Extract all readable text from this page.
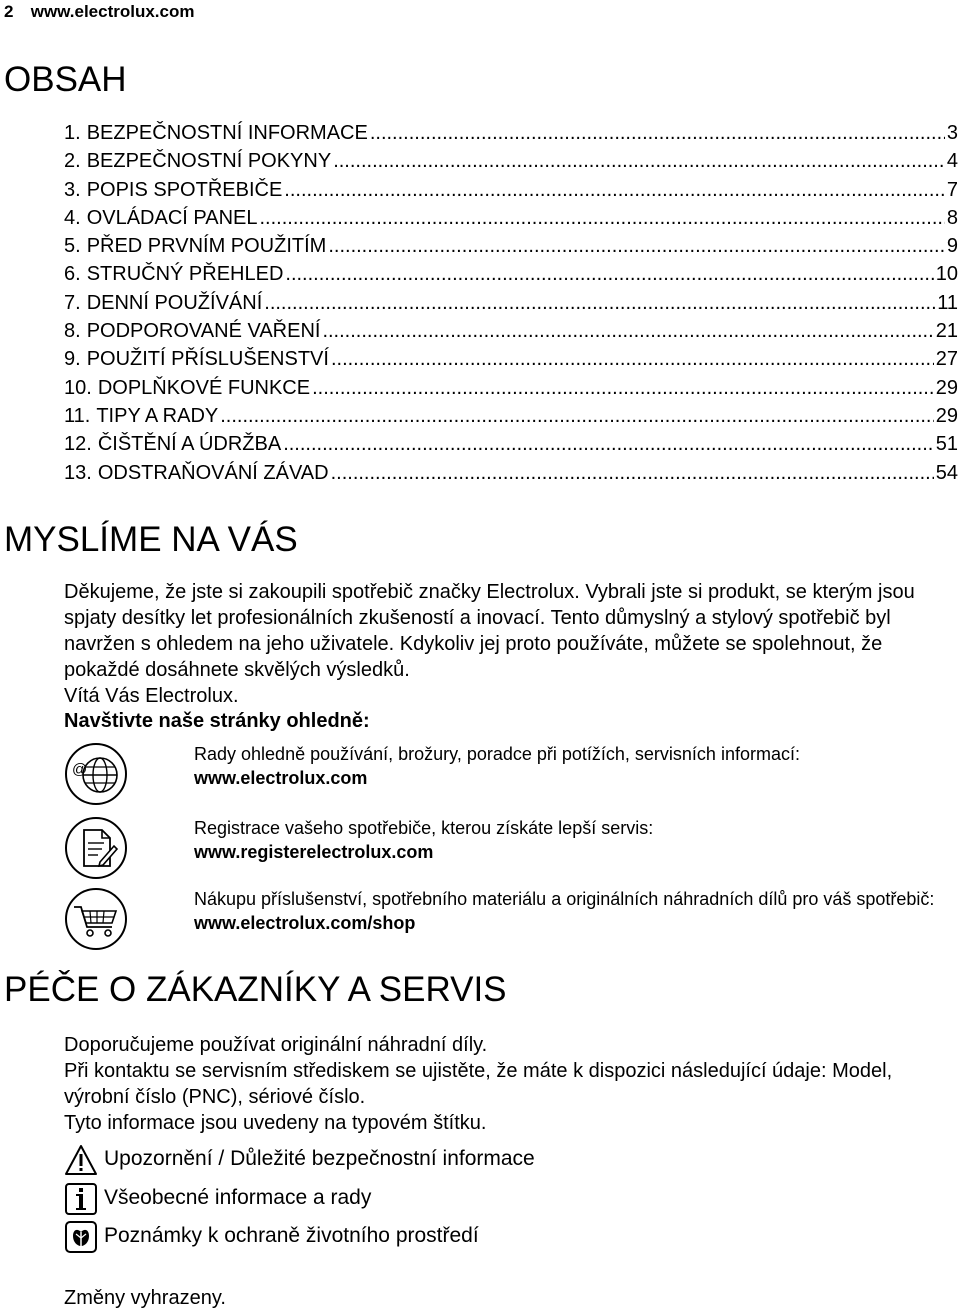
2 www.electrolux.com
OBSAH
1. BEZPEČNOSTNÍ INFORMACE .....	3
2. BEZPEČNOSTNÍ POKYNY .....	4
3. POPIS SPOTŘEBIČE .....	7
4. OVLÁDACÍ PANEL .....	8
5. PŘED PRVNÍM POUŽITÍM .....	9
6. STRUČNÝ PŘEHLED .....	10
7. DENNÍ POUŽÍVÁNÍ .....	11
8. PODPOROVANÉ VAŘENÍ .....	21
9. POUŽITÍ PŘÍSLUŠENSTVÍ .....	27
10. DOPLŇKOVÉ FUNKCE .....	29
11. TIPY A RADY .....	29
12. ČIŠTĚNÍ A ÚDRŽBA .....	51
13. ODSTRAŇOVÁNÍ ZÁVAD .....	54
MYSLÍME NA VÁS

Děkujeme, že jste si zakoupili spotřebič značky Electrolux. Vybrali jste si produkt, se kterým jsou spjaty desítky let profesionálních zkušeností a inovací. Tento důmyslný a stylový spotřebič byl navržen s ohledem na jeho uživatele. Kdykoliv jej proto používáte, můžete se spolehnout, že pokaždé dosáhnete skvělých výsledků.
Vítá Vás Electrolux.

Navštivte naše stránky ohledně:
@
Rady ohledně používání, brožury, poradce při potížích, servisních informací:
www.electrolux.com
Registrace vašeho spotřebiče, kterou získáte lepší servis:
www.registerelectrolux.com
Nákupu příslušenství, spotřebního materiálu a originálních náhradních dílů pro váš spotřebič:
www.electrolux.com/shop
PÉČE O ZÁKAZNÍKY A SERVIS

Doporučujeme používat originální náhradní díly.
Při kontaktu se servisním střediskem se ujistěte, že máte k dispozici následující údaje: Model, výrobní číslo (PNC), sériové číslo.
Tyto informace jsou uvedeny na typovém štítku.

Upozornění / Důležité bezpečnostní informace
Všeobecné informace a rady
Poznámky k ochraně životního prostředí
Změny vyhrazeny.
